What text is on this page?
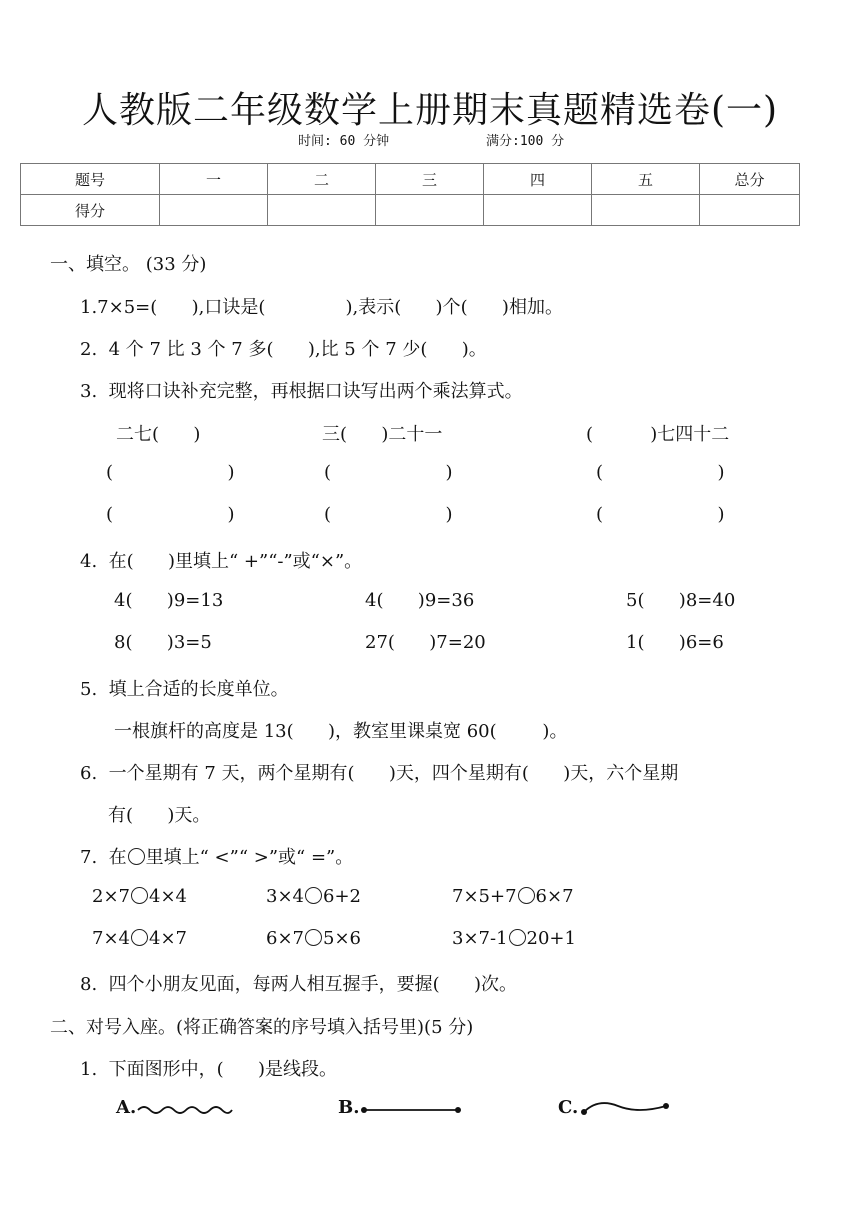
人教版二年级数学上册期末真题精选卷(一)
时间: 60 分钟	满分:100 分
题号	一	二	三	四	五	总分
得分						
一、填空。 (33 分)
1.7×5=(      ),口诀是(              ),表示(      )个(      )相加。
2.  4 个 7 比 3 个 7 多(      ),比 5 个 7 少(      )。
3.  现将口诀补充完整，再根据口诀写出两个乘法算式。
二七(      )	三(      )二十一	(          )七四十二
(                    )	(                    )	(                    )
(                    )	(                    )	(                    )
4.  在(      )里填上“ +”“-”或“×”。
4(      )9=13	4(      )9=36	5(      )8=40
8(      )3=5	27(      )7=20	1(      )6=6
5.  填上合适的长度单位。
一根旗杆的高度是 13(      )，教室里课桌宽 60(        )。
6.  一个星期有 7 天，两个星期有(      )天，四个星期有(      )天，六个星期
有(      )天。
7.  在 里填上“ <”“ >”或“ =”。
2×7 4×4	3×4 6+2	7×5+7 6×7
7×4 4×7	6×7 5×6	3×7-1 20+1
8.  四个小朋友见面，每两人相互握手，要握(      )次。
二、对号入座。(将正确答案的序号填入括号里)(5 分)
1.  下面图形中，(      )是线段。
A.	B.	C.
